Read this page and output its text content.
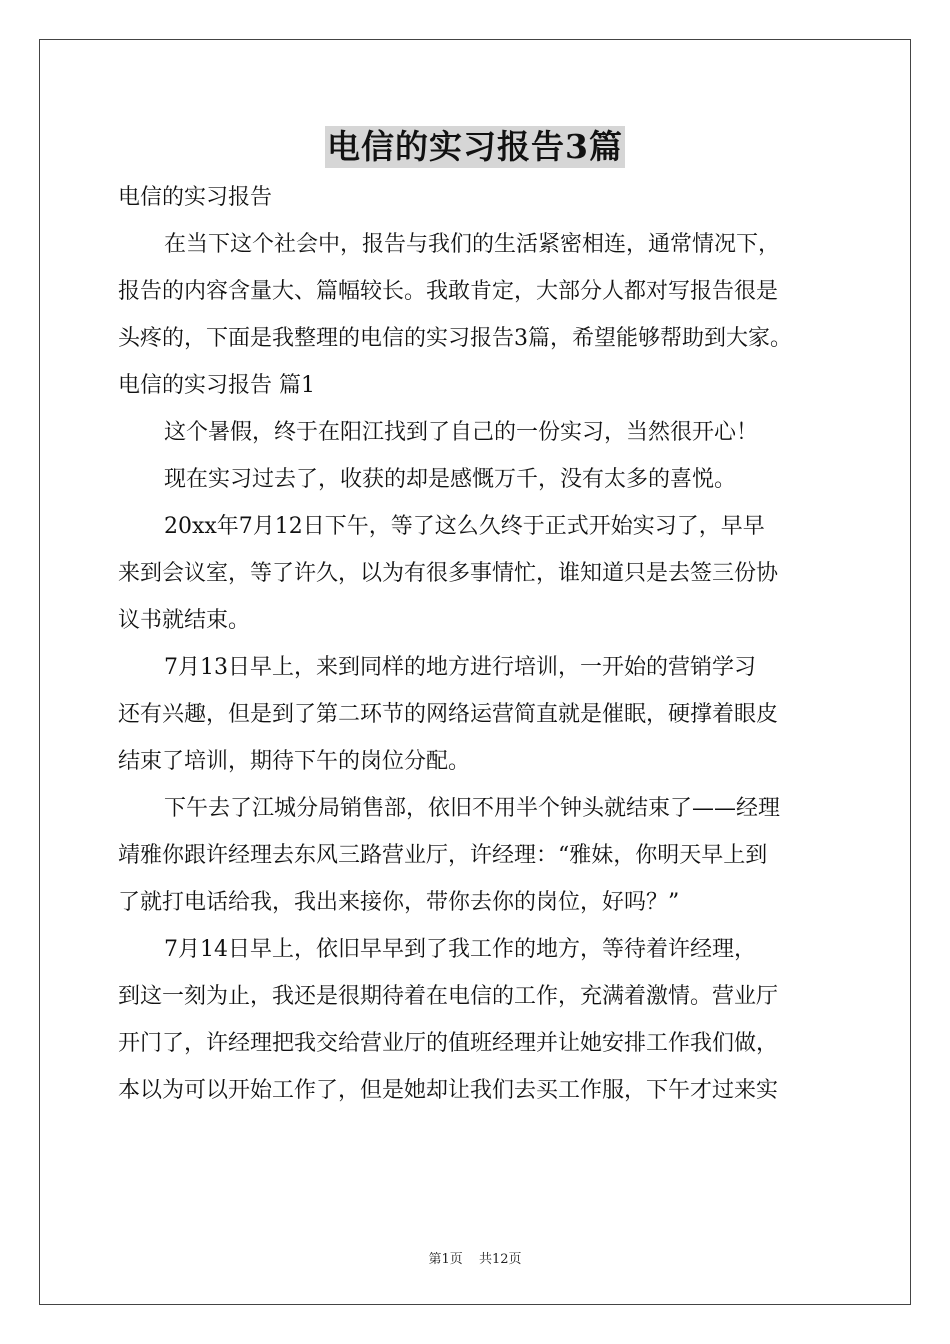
电信的实习报告3篇

电信的实习报告

在当下这个社会中，报告与我们的生活紧密相连，通常情况下，

报告的内容含量大、篇幅较长。我敢肯定，大部分人都对写报告很是

头疼的，下面是我整理的电信的实习报告3篇，希望能够帮助到大家。

电信的实习报告 篇1

这个暑假，终于在阳江找到了自己的一份实习，当然很开心！

现在实习过去了，收获的却是感慨万千，没有太多的喜悦。

20xx年7月12日下午，等了这么久终于正式开始实习了，早早

来到会议室，等了许久，以为有很多事情忙，谁知道只是去签三份协

议书就结束。

7月13日早上，来到同样的地方进行培训，一开始的营销学习

还有兴趣，但是到了第二环节的网络运营简直就是催眠，硬撑着眼皮

结束了培训，期待下午的岗位分配。

下午去了江城分局销售部，依旧不用半个钟头就结束了——经理

靖雅你跟许经理去东风三路营业厅，许经理：“雅妹，你明天早上到

了就打电话给我，我出来接你，带你去你的岗位，好吗？”

7月14日早上，依旧早早到了我工作的地方，等待着许经理，

到这一刻为止，我还是很期待着在电信的工作，充满着激情。营业厅

开门了，许经理把我交给营业厅的值班经理并让她安排工作我们做，

本以为可以开始工作了，但是她却让我们去买工作服，下午才过来实

第1页 共12页
